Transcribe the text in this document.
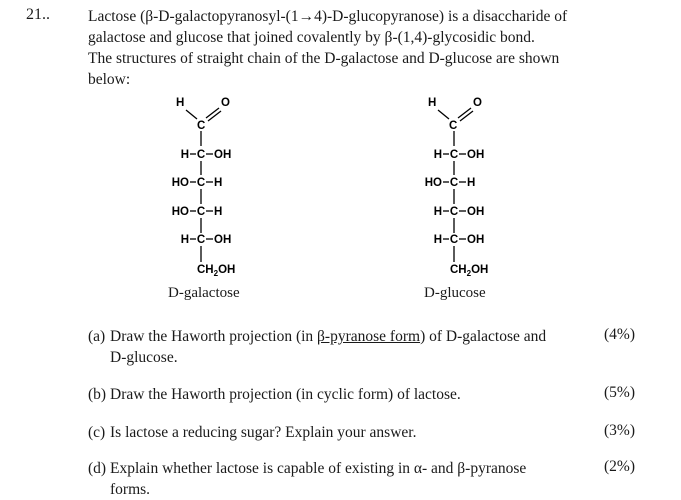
21.. Lactose (β-D-galactopyranosyl-(1→4)-D-glucopyranose) is a disaccharide of

galactose and glucose that joined covalently by β-(1,4)-glycosidic bond.

The structures of straight chain of the D-galactose and D-glucose are shown

below:

H
C
O
H C OH
HO C H
HO C H
H C OH
$CH_2OH$
H
C
O
H C OH
HO C H
H C OH
H C OH
$CH_2OH$
D-galactose	D-glucose
(a) Draw the Haworth projection (in β-pyranose form) of D-galactose and
D-glucose.
(4%)
(b) Draw the Haworth projection (in cyclic form) of lactose.	(5%)
(c) Is lactose a reducing sugar? Explain your answer.	(3%)
(d) Explain whether lactose is capable of existing in α- and β-pyranose
forms.
(2%)
